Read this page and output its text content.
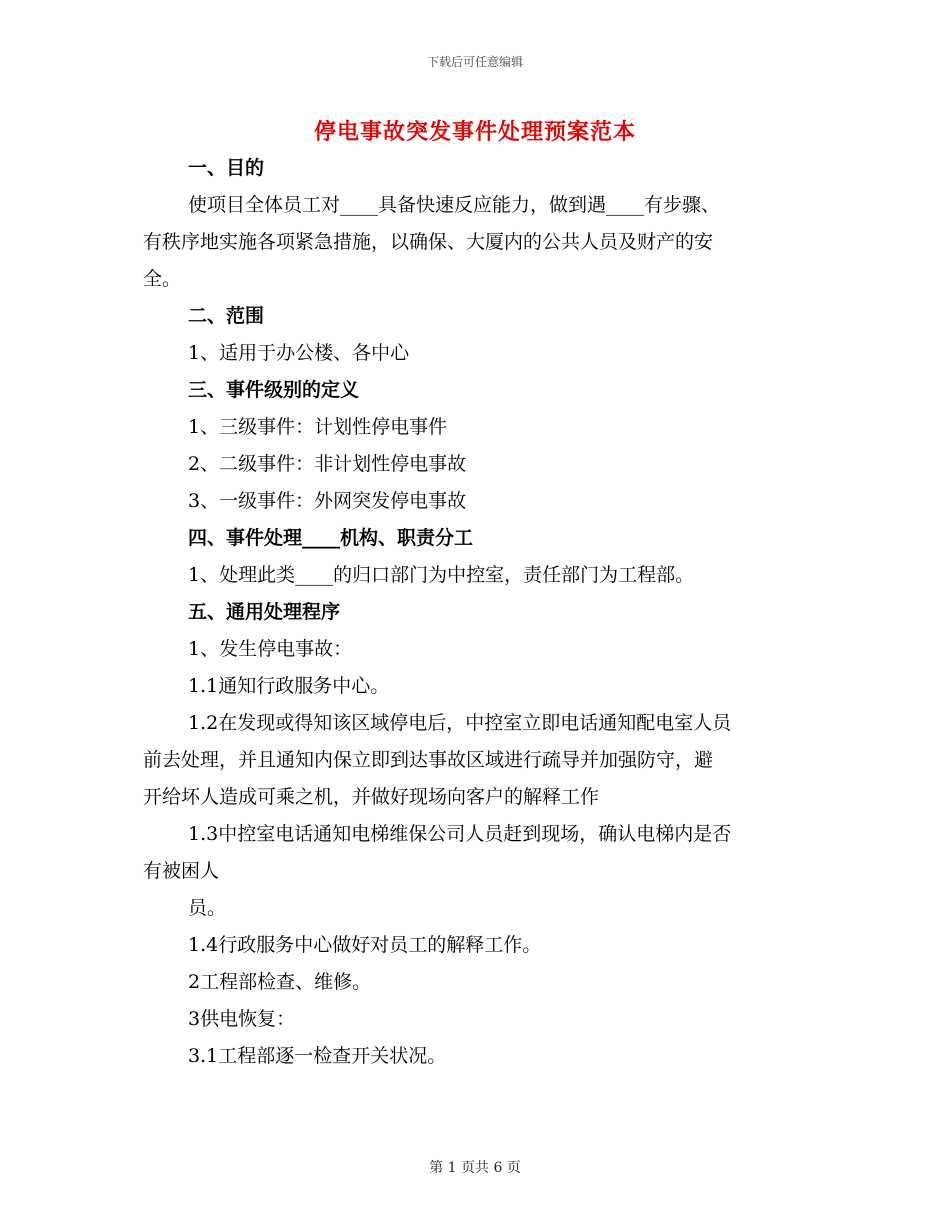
下载后可任意编辑
停电事故突发事件处理预案范本
一、目的
使项目全体员工对____具备快速反应能力，做到遇____有步骤、
有秩序地实施各项紧急措施，以确保、大厦内的公共人员及财产的安
全。
二、范围
1、适用于办公楼、各中心
三、事件级别的定义
1、三级事件：计划性停电事件
2、二级事件：非计划性停电事故
3、一级事件：外网突发停电事故
四、事件处理____机构、职责分工
1、处理此类____的归口部门为中控室，责任部门为工程部。
五、通用处理程序
1、发生停电事故：
1.1通知行政服务中心。
1.2在发现或得知该区域停电后，中控室立即电话通知配电室人员
前去处理，并且通知内保立即到达事故区域进行疏导并加强防守，避
开给坏人造成可乘之机，并做好现场向客户的解释工作
1.3中控室电话通知电梯维保公司人员赶到现场，确认电梯内是否
有被困人
员。
1.4行政服务中心做好对员工的解释工作。
2工程部检查、维修。
3供电恢复：
3.1工程部逐一检查开关状况。
第 1 页共 6 页
